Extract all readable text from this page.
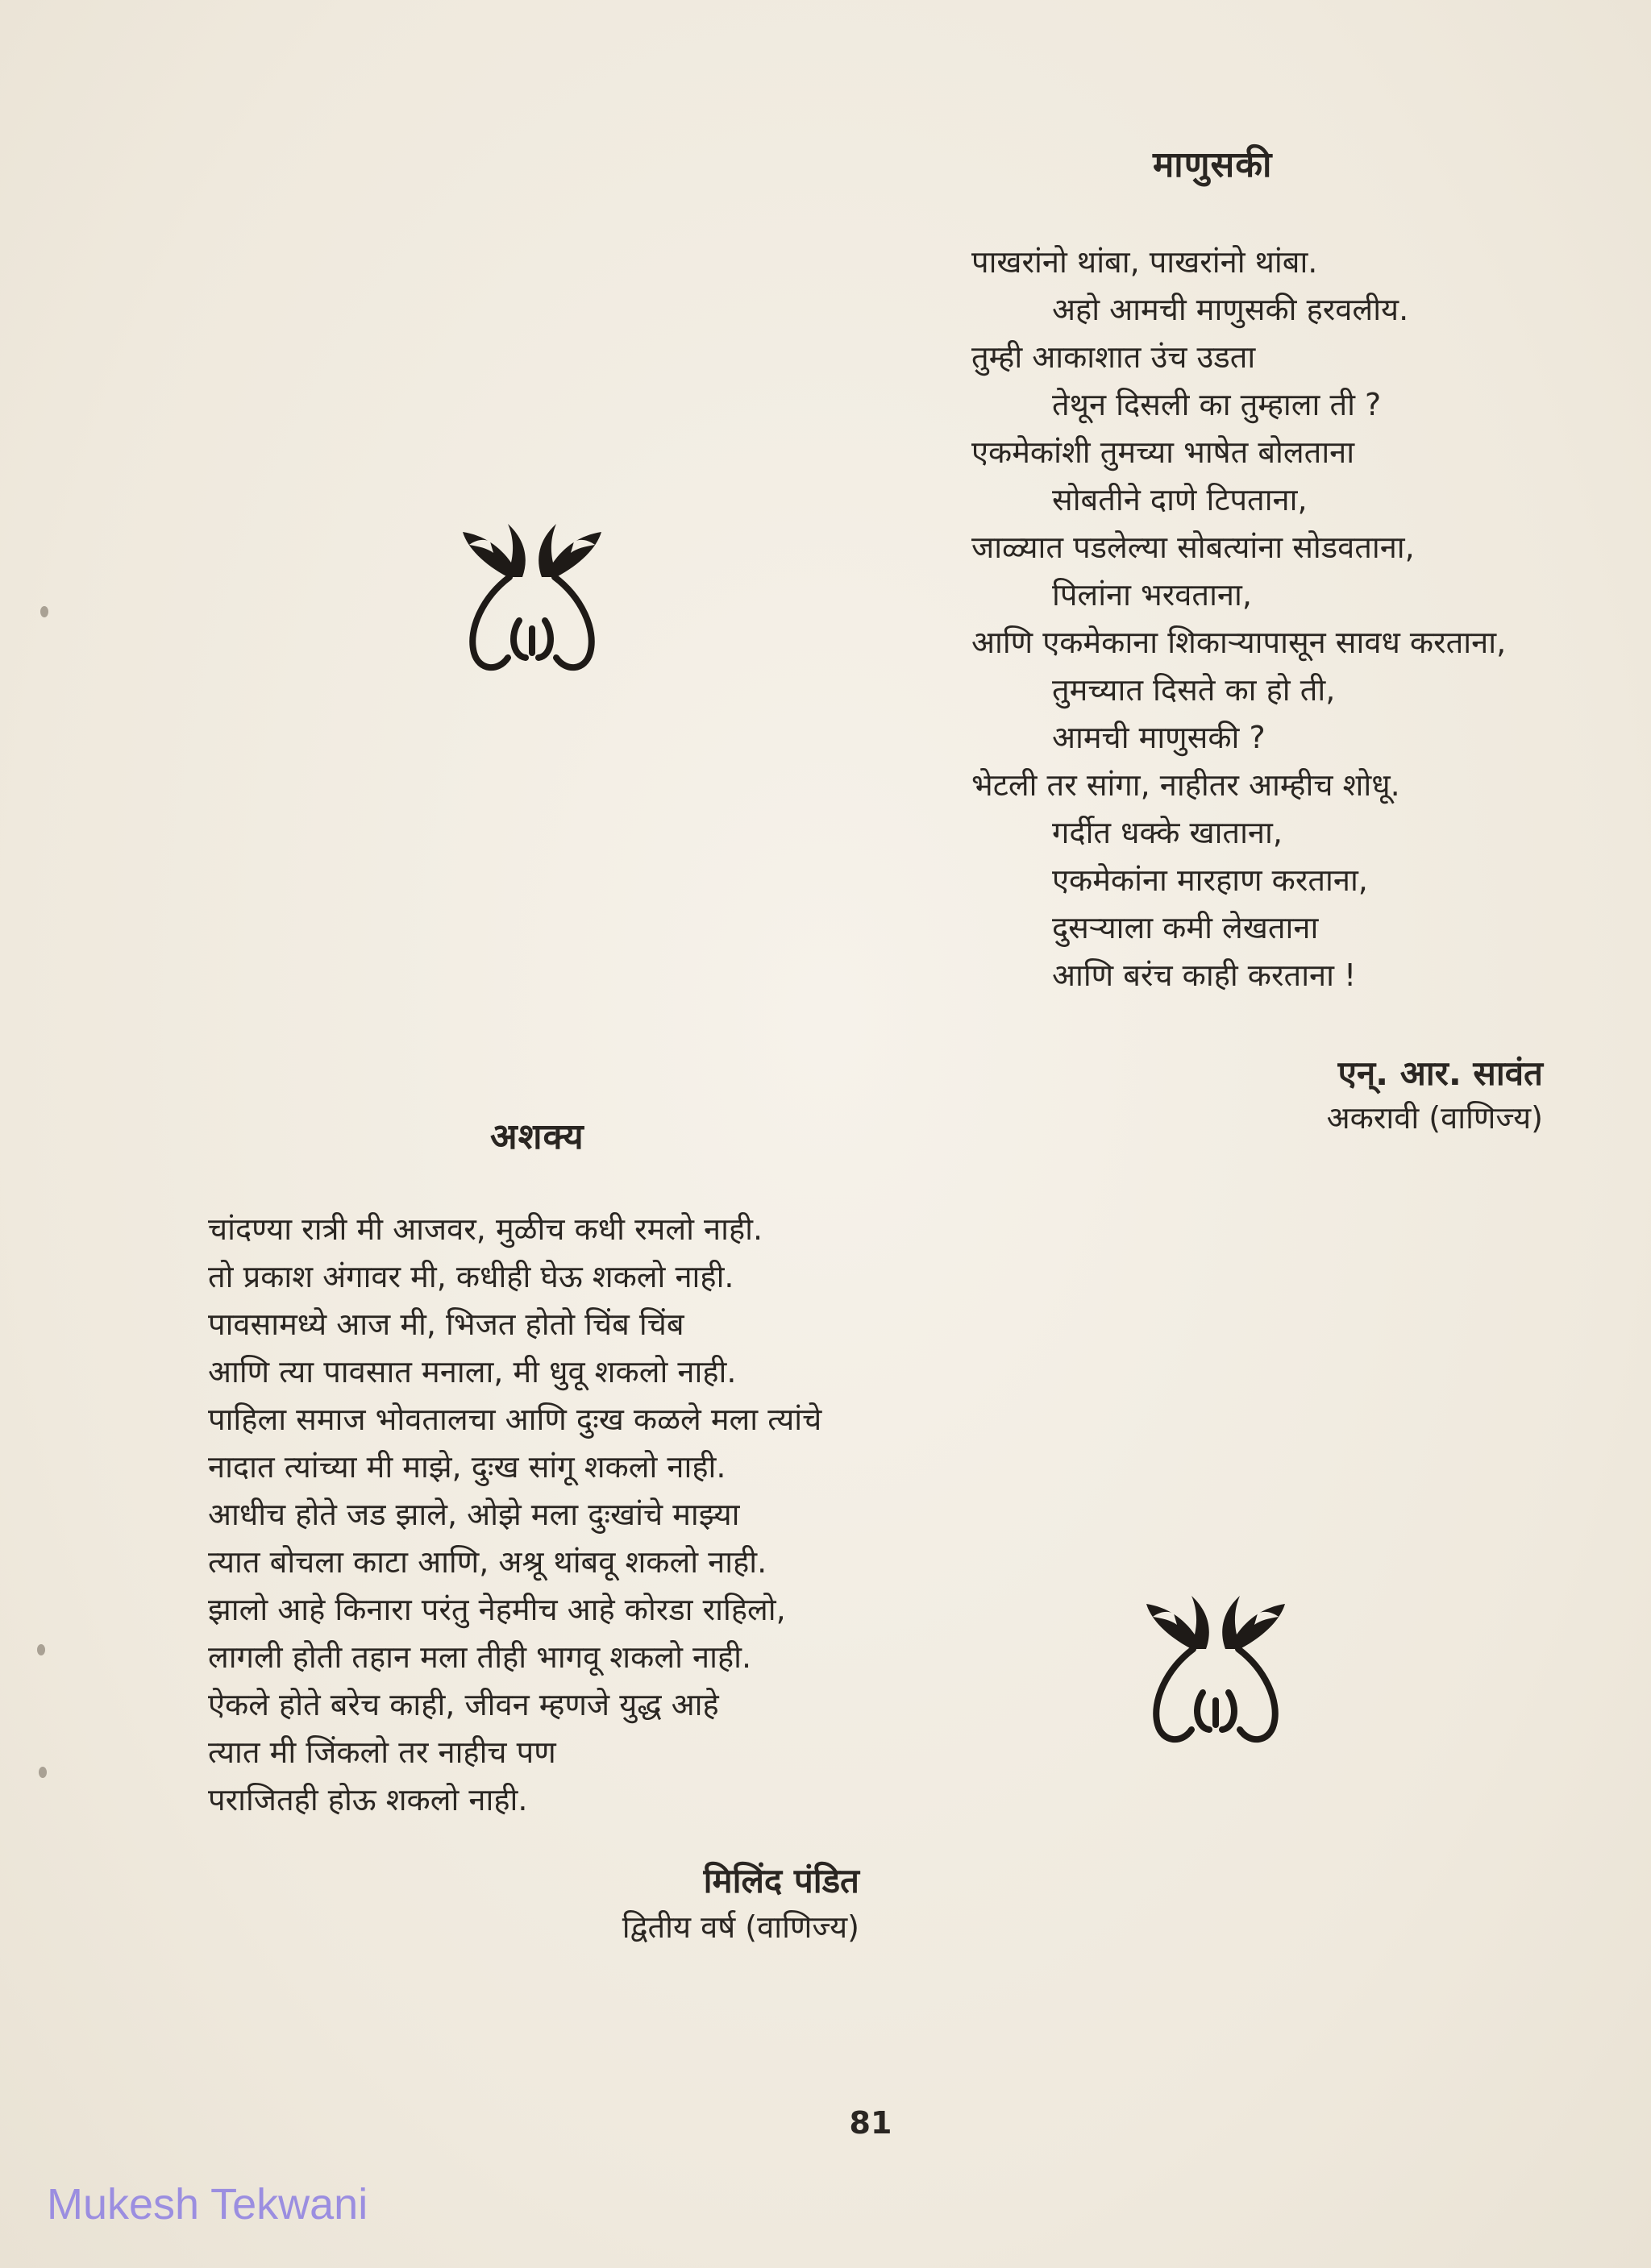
माणुसकी
पाखरांनो थांबा, पाखरांनो थांबा.
अहो आमची माणुसकी हरवलीय.
तुम्ही आकाशात उंच उडता
तेथून दिसली का तुम्हाला ती ?
एकमेकांशी तुमच्या भाषेत बोलताना
सोबतीने दाणे टिपताना,
जाळ्यात पडलेल्या सोबत्यांना सोडवताना,
पिलांना भरवताना,
आणि एकमेकाना शिकाऱ्यापासून सावध करताना,
तुमच्यात दिसते का हो ती,
आमची माणुसकी ?
भेटली तर सांगा, नाहीतर आम्हीच शोधू.
गर्दीत धक्के खाताना,
एकमेकांना मारहाण करताना,
दुसऱ्याला कमी लेखताना
आणि बरंच काही करताना !
एन्. आर. सावंत
अकरावी (वाणिज्य)
अशक्य
चांदण्या रात्री मी आजवर, मुळीच कधी रमलो नाही.
तो प्रकाश अंगावर मी, कधीही घेऊ शकलो नाही.
पावसामध्ये आज मी, भिजत होतो चिंब चिंब
आणि त्या पावसात मनाला, मी धुवू शकलो नाही.
पाहिला समाज भोवतालचा आणि दुःख कळले मला त्यांचे
नादात त्यांच्या मी माझे, दुःख सांगू शकलो नाही.
आधीच होते जड झाले, ओझे मला दुःखांचे माझ्या
त्यात बोचला काटा आणि, अश्रू थांबवू शकलो नाही.
झालो आहे किनारा परंतु नेहमीच आहे कोरडा राहिलो,
लागली होती तहान मला तीही भागवू शकलो नाही.
ऐकले होते बरेच काही, जीवन म्हणजे युद्ध आहे
त्यात मी जिंकलो तर नाहीच पण
पराजितही होऊ शकलो नाही.
मिलिंद पंडित
द्वितीय वर्ष (वाणिज्य)
81
Mukesh Tekwani
